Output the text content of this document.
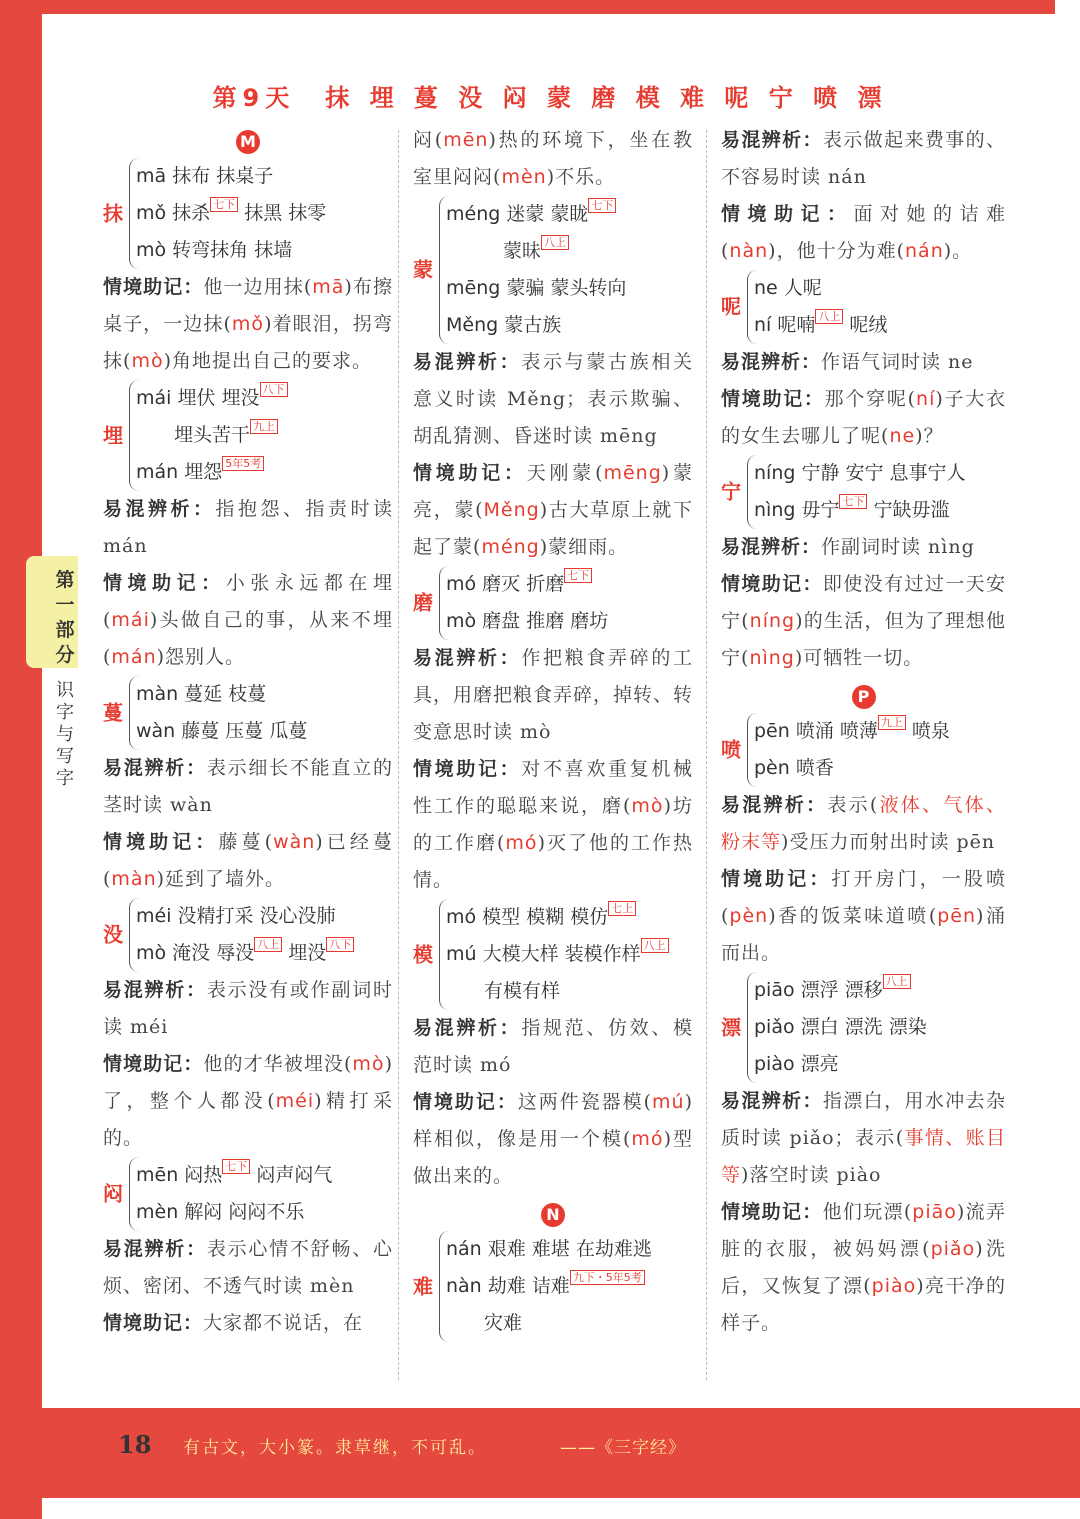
第一部分
识字与写字
第9天　抹 埋 蔓 没 闷 蒙 磨 模 难 呢 宁 喷 漂
M
抹
mā 抹布 抹桌子
mǒ 抹杀 七下 抹黑 抹零
mò 转弯抹角 抹墙

情境助记：他一边用抹(mā)布擦桌子，一边抹(mǒ)着眼泪，拐弯抹(mò)角地提出自己的要求。

埋
mái 埋伏 埋没 八下
　　埋头苦干 九上
mán 埋怨 5年5考

易混辨析：指抱怨、指责时读 mán

情境助记：小张永远都在埋(mái)头做自己的事，从来不埋(mán)怨别人。

蔓
màn 蔓延 枝蔓
wàn 藤蔓 压蔓 瓜蔓

易混辨析：表示细长不能直立的茎时读 wàn

情境助记：藤蔓(wàn)已经蔓(màn)延到了墙外。

没
méi 没精打采 没心没肺
mò 淹没 辱没 八上 埋没 八下

易混辨析：表示没有或作副词时读 méi

情境助记：他的才华被埋没(mò)了，整个人都没(méi)精打采的。

闷
mēn 闷热 七下 闷声闷气
mèn 解闷 闷闷不乐

易混辨析：表示心情不舒畅、心烦、密闭、不透气时读 mèn

情境助记：大家都不说话，在

闷(mēn)热的环境下，坐在教室里闷闷(mèn)不乐。

蒙
méng 迷蒙 蒙眬 七下
　　　蒙昧 八上
mēng 蒙骗 蒙头转向
Měng 蒙古族

易混辨析：表示与蒙古族相关意义时读 Měng；表示欺骗、胡乱猜测、昏迷时读 mēng

情境助记：天刚蒙(mēng)蒙亮，蒙(Měng)古大草原上就下起了蒙(méng)蒙细雨。

磨
mó 磨灭 折磨 七下
mò 磨盘 推磨 磨坊

易混辨析：作把粮食弄碎的工具，用磨把粮食弄碎，掉转、转变意思时读 mò

情境助记：对不喜欢重复机械性工作的聪聪来说，磨(mò)坊的工作磨(mó)灭了他的工作热情。

模
mó 模型 模糊 模仿 七上
mú 大模大样 装模作样 八上
　　有模有样

易混辨析：指规范、仿效、模范时读 mó

情境助记：这两件瓷器模(mú)样相似，像是用一个模(mó)型做出来的。

N
难
nán 艰难 难堪 在劫难逃
nàn 劫难 诘难 九下・5年5考
　　灾难

易混辨析：表示做起来费事的、不容易时读 nán

情境助记：面对她的诘难(nàn)，他十分为难(nán)。

呢
ne 人呢
ní 呢喃 八上 呢绒

易混辨析：作语气词时读 ne

情境助记：那个穿呢(ní)子大衣的女生去哪儿了呢(ne)？

宁
níng 宁静 安宁 息事宁人
nìng 毋宁 七下 宁缺毋滥

易混辨析：作副词时读 nìng

情境助记：即使没有过过一天安宁(níng)的生活，但为了理想他宁(nìng)可牺牲一切。

P
喷
pēn 喷涌 喷薄 九上 喷泉
pèn 喷香

易混辨析：表示(液体、气体、粉末等)受压力而射出时读 pēn

情境助记：打开房门，一股喷(pèn)香的饭菜味道喷(pēn)涌而出。

漂
piāo 漂浮 漂移 八上
piǎo 漂白 漂洗 漂染
piào 漂亮

易混辨析：指漂白，用水冲去杂质时读 piǎo；表示(事情、账目等)落空时读 piào

情境助记：他们玩漂(piāo)流弄脏的衣服，被妈妈漂(piǎo)洗后，又恢复了漂(piào)亮干净的样子。

18 有古文，大小篆。隶草继，不可乱。	——《三字经》
